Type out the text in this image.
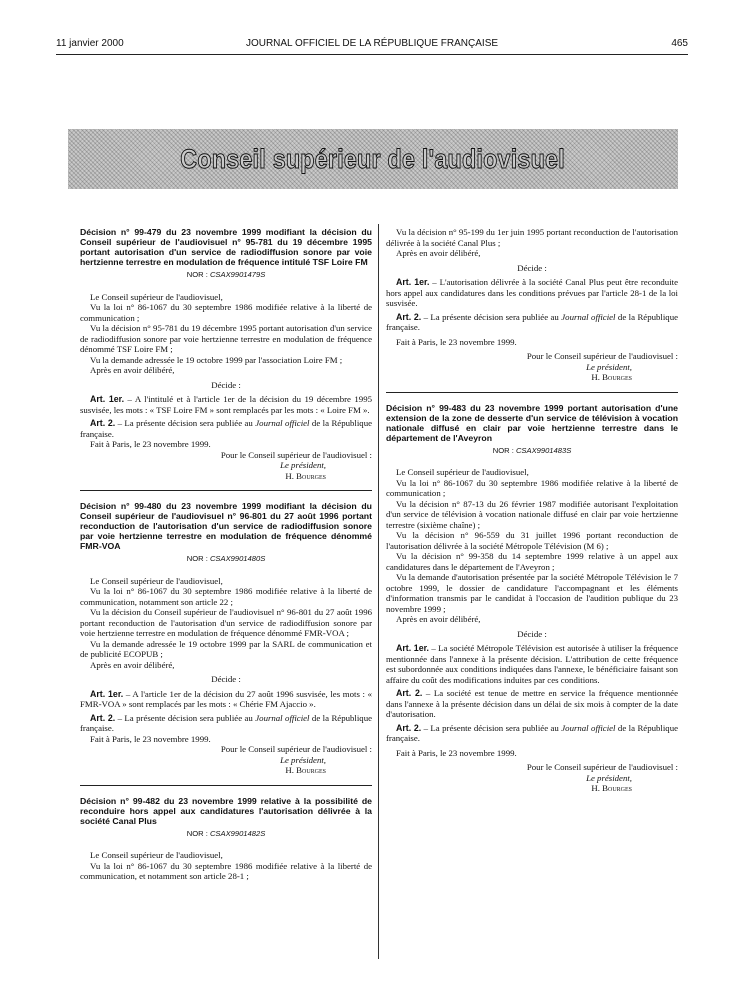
11 janvier 2000	JOURNAL OFFICIEL DE LA RÉPUBLIQUE FRANÇAISE	465
Conseil supérieur de l'audiovisuel

Décision n° 99-479 du 23 novembre 1999 modifiant la décision du Conseil supérieur de l'audiovisuel n° 95-781 du 19 décembre 1995 portant autorisation d'un service de radiodiffusion sonore par voie hertzienne terrestre en modulation de fréquence intitulé TSF Loire FM

NOR : CSAX9901479S

Le Conseil supérieur de l'audiovisuel,

Vu la loi n° 86-1067 du 30 septembre 1986 modifiée relative à la liberté de communication ;

Vu la décision n° 95-781 du 19 décembre 1995 portant autorisation d'un service de radiodiffusion sonore par voie hertzienne terrestre en modulation de fréquence dénommé TSF Loire FM ;

Vu la demande adressée le 19 octobre 1999 par l'association Loire FM ;

Après en avoir délibéré,

Décide :

Art. 1er. – A l'intitulé et à l'article 1er de la décision du 19 décembre 1995 susvisée, les mots : « TSF Loire FM » sont remplacés par les mots : « Loire FM ».

Art. 2. – La présente décision sera publiée au Journal officiel de la République française.

Fait à Paris, le 23 novembre 1999.

Pour le Conseil supérieur de l'audiovisuel :

Le président,

H. Bourges

Décision n° 99-480 du 23 novembre 1999 modifiant la décision du Conseil supérieur de l'audiovisuel n° 96-801 du 27 août 1996 portant reconduction de l'autorisation d'un service de radiodiffusion sonore par voie hertzienne terrestre en modulation de fréquence dénommé FMR-VOA

NOR : CSAX9901480S

Le Conseil supérieur de l'audiovisuel,

Vu la loi n° 86-1067 du 30 septembre 1986 modifiée relative à la liberté de communication, notamment son article 22 ;

Vu la décision du Conseil supérieur de l'audiovisuel n° 96-801 du 27 août 1996 portant reconduction de l'autorisation d'un service de radiodiffusion sonore par voie hertzienne terrestre en modulation de fréquence dénommé FMR-VOA ;

Vu la demande adressée le 19 octobre 1999 par la SARL de communication et de publicité ECOPUB ;

Après en avoir délibéré,

Décide :

Art. 1er. – A l'article 1er de la décision du 27 août 1996 susvisée, les mots : « FMR-VOA » sont remplacés par les mots : « Chérie FM Ajaccio ».

Art. 2. – La présente décision sera publiée au Journal officiel de la République française.

Fait à Paris, le 23 novembre 1999.

Pour le Conseil supérieur de l'audiovisuel :

Le président,

H. Bourges

Décision n° 99-482 du 23 novembre 1999 relative à la possibilité de reconduire hors appel aux candidatures l'autorisation délivrée à la société Canal Plus

NOR : CSAX9901482S

Le Conseil supérieur de l'audiovisuel,

Vu la loi n° 86-1067 du 30 septembre 1986 modifiée relative à la liberté de communication, et notamment son article 28-1 ;

Vu la décision n° 95-199 du 1er juin 1995 portant reconduction de l'autorisation délivrée à la société Canal Plus ;

Après en avoir délibéré,

Décide :

Art. 1er. – L'autorisation délivrée à la société Canal Plus peut être reconduite hors appel aux candidatures dans les conditions prévues par l'article 28-1 de la loi susvisée.

Art. 2. – La présente décision sera publiée au Journal officiel de la République française.

Fait à Paris, le 23 novembre 1999.

Pour le Conseil supérieur de l'audiovisuel :

Le président,

H. Bourges

Décision n° 99-483 du 23 novembre 1999 portant autorisation d'une extension de la zone de desserte d'un service de télévision à vocation nationale diffusé en clair par voie hertzienne terrestre dans le département de l'Aveyron

NOR : CSAX9901483S

Le Conseil supérieur de l'audiovisuel,

Vu la loi n° 86-1067 du 30 septembre 1986 modifiée relative à la liberté de communication ;

Vu la décision n° 87-13 du 26 février 1987 modifiée autorisant l'exploitation d'un service de télévision à vocation nationale diffusé en clair par voie hertzienne terrestre (sixième chaîne) ;

Vu la décision n° 96-559 du 31 juillet 1996 portant reconduction de l'autorisation délivrée à la société Métropole Télévision (M 6) ;

Vu la décision n° 99-358 du 14 septembre 1999 relative à un appel aux candidatures dans le département de l'Aveyron ;

Vu la demande d'autorisation présentée par la société Métropole Télévision le 7 octobre 1999, le dossier de candidature l'accompagnant et les éléments d'information transmis par le candidat à l'occasion de l'audition publique du 23 novembre 1999 ;

Après en avoir délibéré,

Décide :

Art. 1er. – La société Métropole Télévision est autorisée à utiliser la fréquence mentionnée dans l'annexe à la présente décision. L'attribution de cette fréquence est subordonnée aux conditions indiquées dans l'annexe, le bénéficiaire faisant son affaire du coût des modifications induites par ces conditions.

Art. 2. – La société est tenue de mettre en service la fréquence mentionnée dans l'annexe à la présente décision dans un délai de six mois à compter de la date d'autorisation.

Art. 2. – La présente décision sera publiée au Journal officiel de la République française.

Fait à Paris, le 23 novembre 1999.

Pour le Conseil supérieur de l'audiovisuel :

Le président,

H. Bourges
